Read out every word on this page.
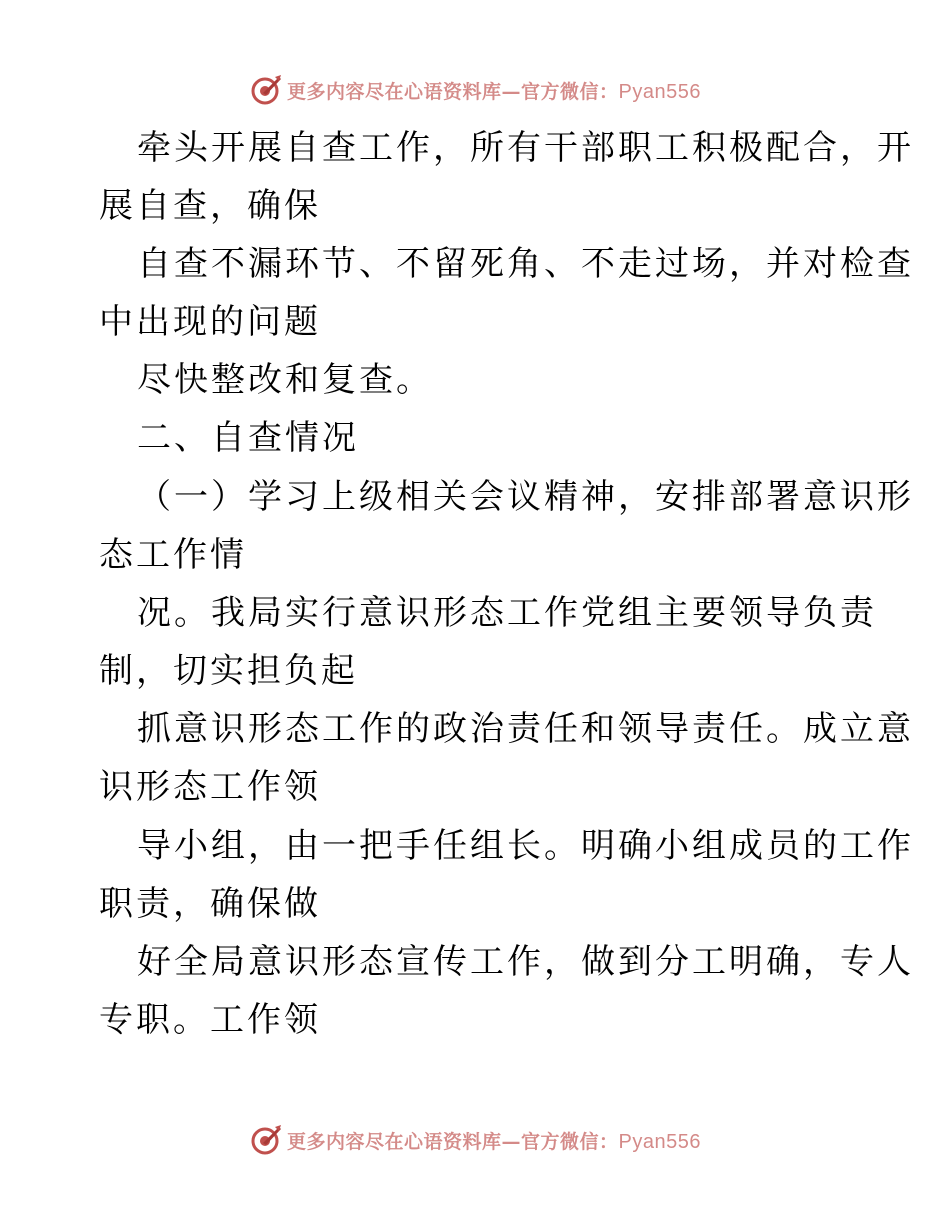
更多内容尽在心语资料库—官方微信：Pyan556
牵头开展自查工作，所有干部职工积极配合，开
展自查，确保
自查不漏环节、不留死角、不走过场，并对检查
中出现的问题
尽快整改和复查。
二、自查情况
（一）学习上级相关会议精神，安排部署意识形
态工作情
况。我局实行意识形态工作党组主要领导负责
制，切实担负起
抓意识形态工作的政治责任和领导责任。成立意
识形态工作领
导小组，由一把手任组长。明确小组成员的工作
职责，确保做
好全局意识形态宣传工作，做到分工明确，专人
专职。工作领
更多内容尽在心语资料库—官方微信：Pyan556
